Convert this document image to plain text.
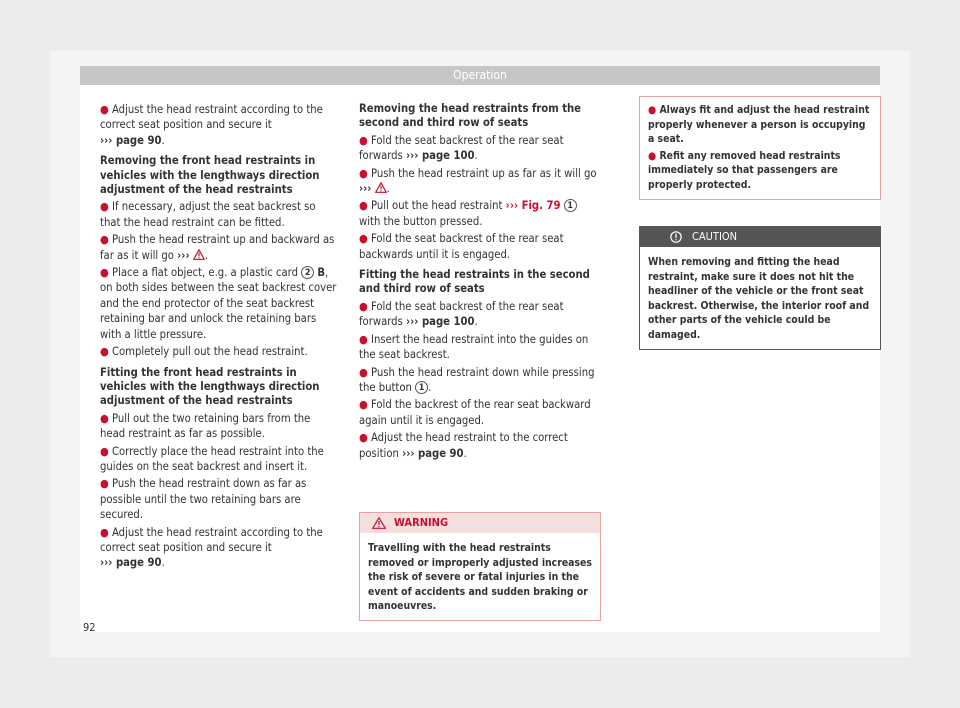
Operation

● Adjust the head restraint according to the correct seat position and secure it
››› page 90.

Removing the front head restraints in vehicles with the lengthways direction adjustment of the head restraints

● If necessary, adjust the seat backrest so that the head restraint can be fitted.

● Push the head restraint up and backward as far as it will go ››› .

● Place a flat object, e.g. a plastic card 2 B, on both sides between the seat backrest cover and the end protector of the seat backrest retaining bar and unlock the retaining bars with a little pressure.

● Completely pull out the head restraint.

Fitting the front head restraints in vehicles with the lengthways direction adjustment of the head restraints

● Pull out the two retaining bars from the head restraint as far as possible.

● Correctly place the head restraint into the guides on the seat backrest and insert it.

● Push the head restraint down as far as possible until the two retaining bars are secured.

● Adjust the head restraint according to the correct seat position and secure it
››› page 90.

Removing the head restraints from the second and third row of seats

● Fold the seat backrest of the rear seat forwards ››› page 100.

● Push the head restraint up as far as it will go ››› .

● Pull out the head restraint ››› Fig. 79 1
with the button pressed.

● Fold the seat backrest of the rear seat backwards until it is engaged.

Fitting the head restraints in the second and third row of seats

● Fold the seat backrest of the rear seat forwards ››› page 100.

● Insert the head restraint into the guides on the seat backrest.

● Push the head restraint down while pressing the button 1 .

● Fold the backrest of the rear seat backward again until it is engaged.

● Adjust the head restraint to the correct position ››› page 90.

WARNING
Travelling with the head restraints removed or improperly adjusted increases the risk of severe or fatal injuries in the event of accidents and sudden braking or manoeuvres.

● Always fit and adjust the head restraint properly whenever a person is occupying a seat.

● Refit any removed head restraints immediately so that passengers are properly protected.

CAUTION
When removing and fitting the head restraint, make sure it does not hit the headliner of the vehicle or the front seat backrest. Otherwise, the interior roof and other parts of the vehicle could be damaged.
92
